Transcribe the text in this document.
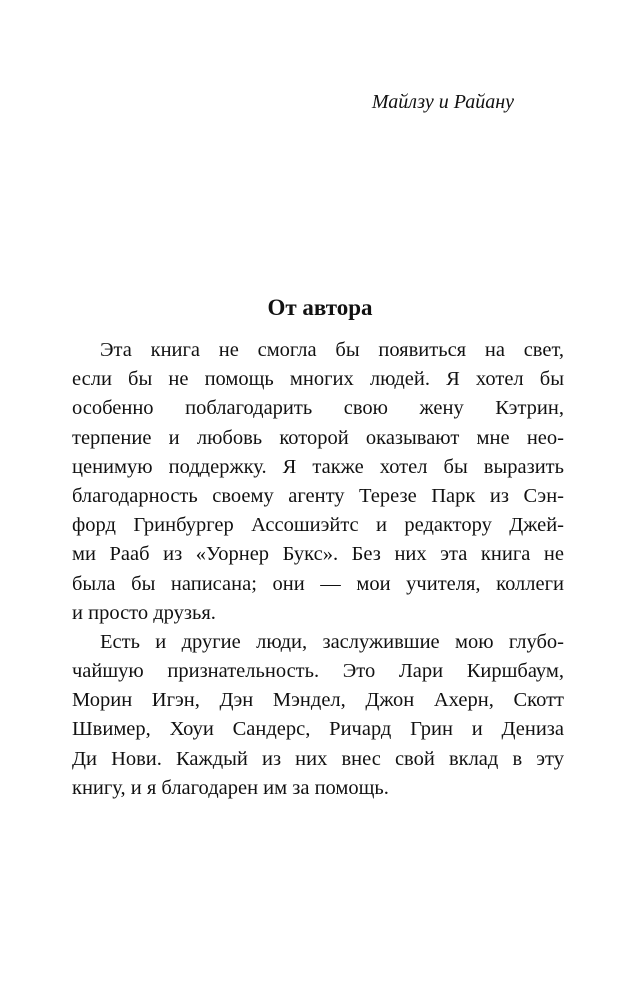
Майлзу и Райану

От автора
Эта книга не смогла бы появиться на свет,
если бы не помощь многих людей. Я хотел бы
особенно поблагодарить свою жену Кэтрин,
терпение и любовь которой оказывают мне нео-
ценимую поддержку. Я также хотел бы выразить
благодарность своему агенту Терезе Парк из Сэн-
форд Гринбургер Ассошиэйтс и редактору Джей-
ми Рааб из «Уорнер Букс». Без них эта книга не
была бы написана; они — мои учителя, коллеги
и просто друзья.
Есть и другие люди, заслужившие мою глубо-
чайшую признательность. Это Лари Киршбаум,
Морин Игэн, Дэн Мэндел, Джон Ахерн, Скотт
Швимер, Хоуи Сандерс, Ричард Грин и Дениза
Ди Нови. Каждый из них внес свой вклад в эту
книгу, и я благодарен им за помощь.
